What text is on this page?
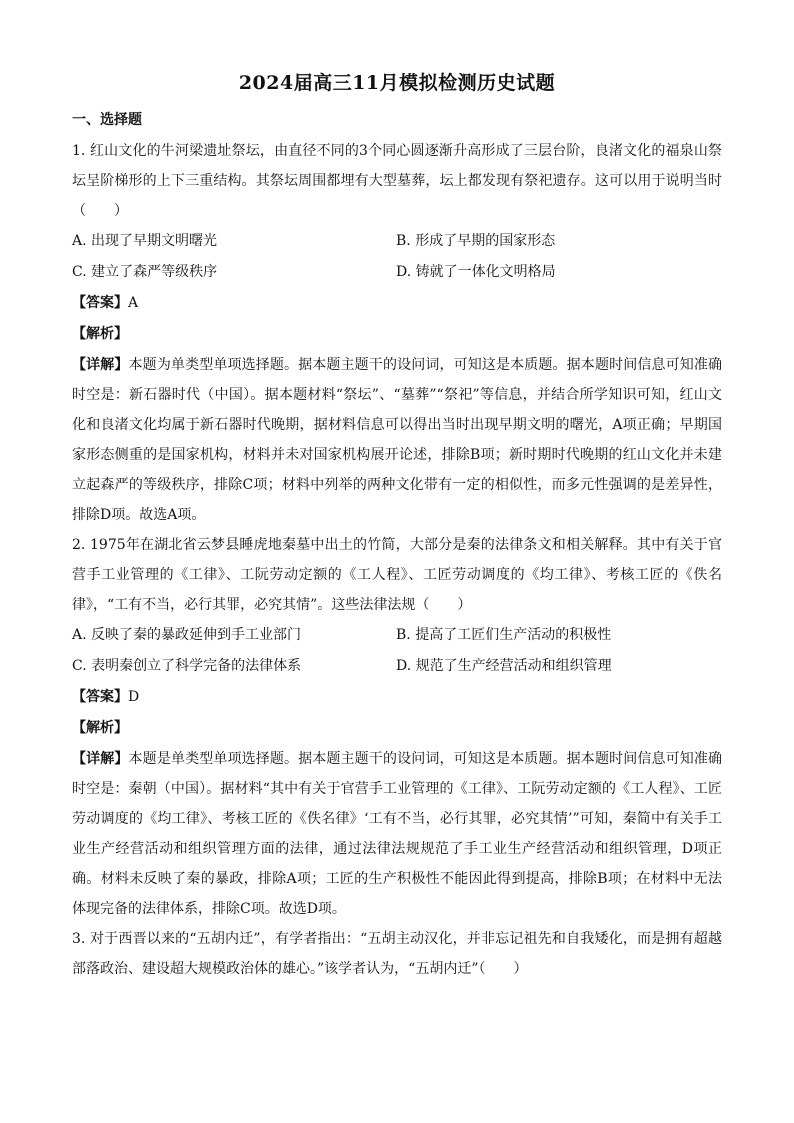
2024届高三11月模拟检测历史试题
一、选择题

1. 红山文化的牛河梁遗址祭坛，由直径不同的3个同心圆逐渐升高形成了三层台阶，良渚文化的福泉山祭坛呈阶梯形的上下三重结构。其祭坛周围都埋有大型墓葬，坛上都发现有祭祀遗存。这可以用于说明当时（　　）

A. 出现了早期文明曙光	B. 形成了早期的国家形态
C. 建立了森严等级秩序	D. 铸就了一体化文明格局
【答案】A
【解析】

【详解】本题为单类型单项选择题。据本题主题干的设问词，可知这是本质题。据本题时间信息可知准确时空是：新石器时代（中国）。据本题材料“祭坛”、“墓葬”“祭祀”等信息，并结合所学知识可知，红山文化和良渚文化均属于新石器时代晚期，据材料信息可以得出当时出现早期文明的曙光，A项正确；早期国家形态侧重的是国家机构，材料并未对国家机构展开论述，排除B项；新时期时代晚期的红山文化并未建立起森严的等级秩序，排除C项；材料中列举的两种文化带有一定的相似性，而多元性强调的是差异性，排除D项。故选A项。

2. 1975年在湖北省云梦县睡虎地秦墓中出土的竹简，大部分是秦的法律条文和相关解释。其中有关于官营手工业管理的《工律》、工阮劳动定额的《工人程》、工匠劳动调度的《均工律》、考核工匠的《佚名律》，“工有不当，必行其罪，必究其情”。这些法律法规（　　）

A. 反映了秦的暴政延伸到手工业部门	B. 提高了工匠们生产活动的积极性
C. 表明秦创立了科学完备的法律体系	D. 规范了生产经营活动和组织管理
【答案】D
【解析】

【详解】本题是单类型单项选择题。据本题主题干的设问词，可知这是本质题。据本题时间信息可知准确时空是：秦朝（中国）。据材料“其中有关于官营手工业管理的《工律》、工阮劳动定额的《工人程》、工匠劳动调度的《均工律》、考核工匠的《佚名律》‘工有不当，必行其罪，必究其情’”可知，秦简中有关手工业生产经营活动和组织管理方面的法律，通过法律法规规范了手工业生产经营活动和组织管理，D项正确。材料未反映了秦的暴政，排除A项；工匠的生产积极性不能因此得到提高，排除B项；在材料中无法体现完备的法律体系，排除C项。故选D项。

3. 对于西晋以来的“五胡内迁”，有学者指出：“五胡主动汉化，并非忘记祖先和自我矮化，而是拥有超越部落政治、建设超大规模政治体的雄心。”该学者认为，“五胡内迁”（　　）
